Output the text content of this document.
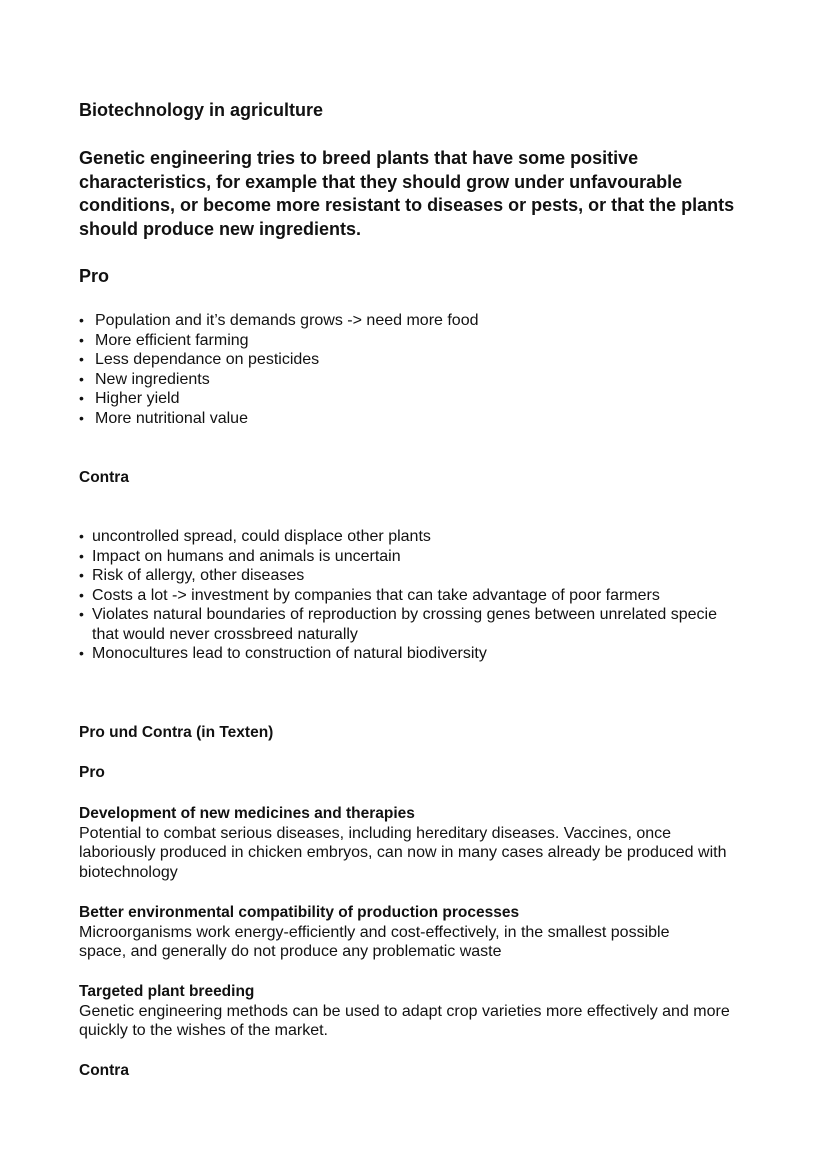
Biotechnology in agriculture
Genetic engineering tries to breed plants that have some positive characteristics, for example that they should grow under unfavourable conditions, or become more resistant to diseases or pests, or that the plants should produce new ingredients.
Pro
• Population and it’s demands grows -> need more food
• More efficient farming
• Less dependance on pesticides
• New ingredients
• Higher yield
• More nutritional value
Contra
• uncontrolled spread, could displace other plants
• Impact on humans and animals is uncertain
• Risk of allergy, other diseases
• Costs a lot -> investment by companies that can take advantage of poor farmers
• Violates natural boundaries of reproduction by crossing genes between unrelated specie that would never crossbreed naturally
• Monocultures lead to construction of natural biodiversity
Pro und Contra (in Texten)
Pro
Development of new medicines and therapies
Potential to combat serious diseases, including hereditary diseases. Vaccines, once laboriously produced in chicken embryos, can now in many cases already be produced with biotechnology
Better environmental compatibility of production processes
Microorganisms work energy-efficiently and cost-effectively, in the smallest possible space, and generally do not produce any problematic waste
Targeted plant breeding
Genetic engineering methods can be used to adapt crop varieties more effectively and more quickly to the wishes of the market.
Contra
